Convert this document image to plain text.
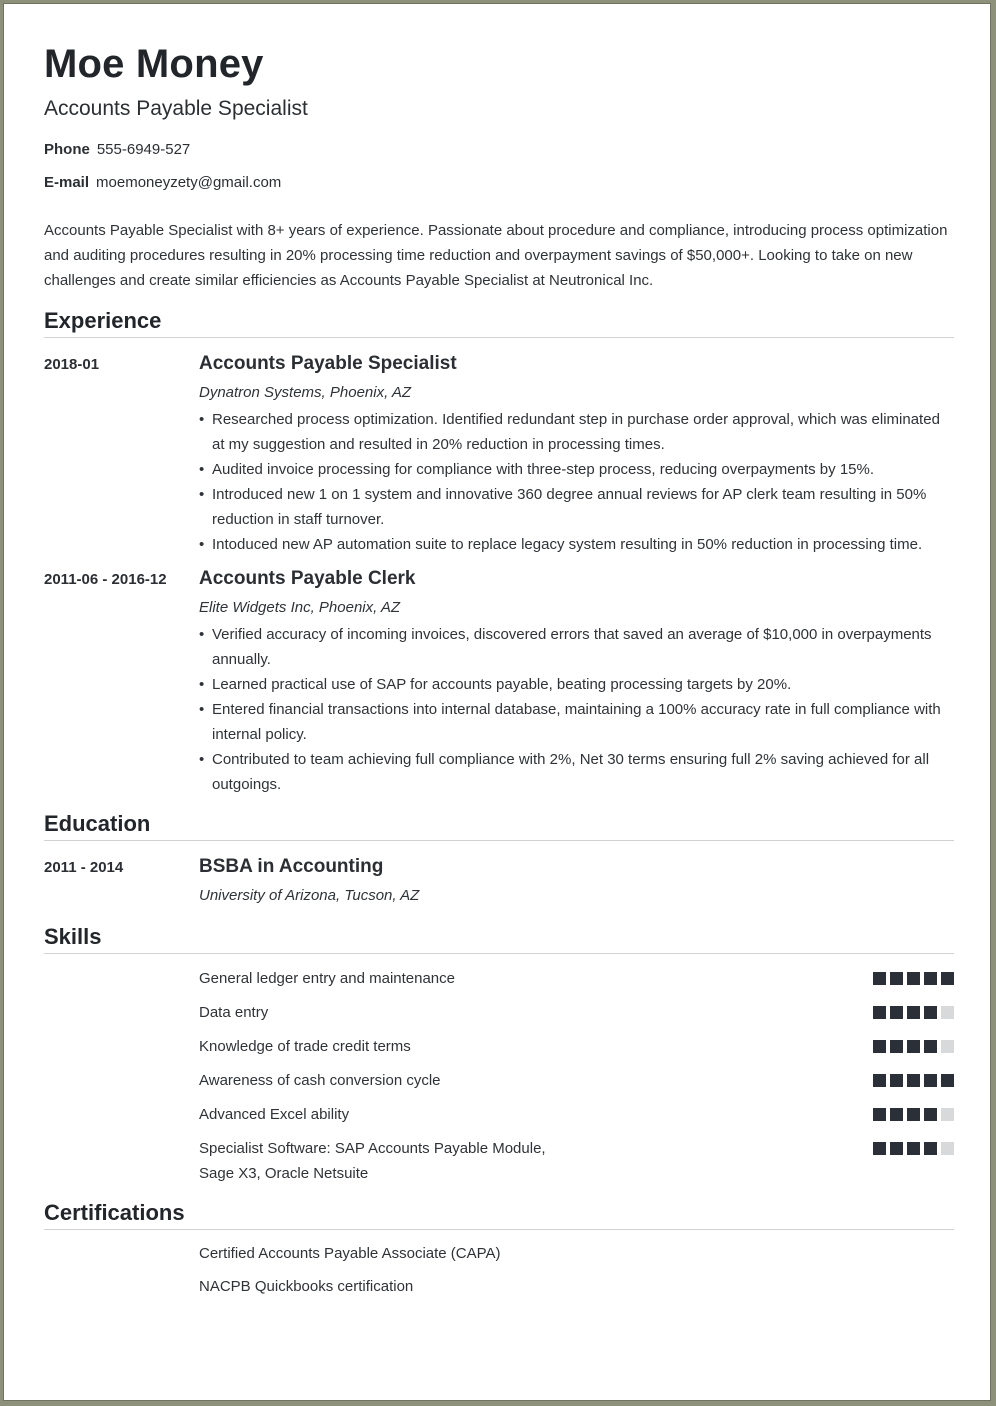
Moe Money
Accounts Payable Specialist
Phone 555-6949-527
E-mail moemoneyzety@gmail.com
Accounts Payable Specialist with 8+ years of experience. Passionate about procedure and compliance, introducing process optimization and auditing procedures resulting in 20% processing time reduction and overpayment savings of $50,000+. Looking to take on new challenges and create similar efficiencies as Accounts Payable Specialist at Neutronical Inc.
Experience
2018-01	Accounts Payable Specialist
Dynatron Systems, Phoenix, AZ
• Researched process optimization. Identified redundant step in purchase order approval, which was eliminated at my suggestion and resulted in 20% reduction in processing times.
• Audited invoice processing for compliance with three-step process, reducing overpayments by 15%.
• Introduced new 1 on 1 system and innovative 360 degree annual reviews for AP clerk team resulting in 50% reduction in staff turnover.
• Intoduced new AP automation suite to replace legacy system resulting in 50% reduction in processing time.
2011-06 - 2016-12 Accounts Payable Clerk
Elite Widgets Inc, Phoenix, AZ
• Verified accuracy of incoming invoices, discovered errors that saved an average of $10,000 in overpayments annually.
• Learned practical use of SAP for accounts payable, beating processing targets by 20%.
• Entered financial transactions into internal database, maintaining a 100% accuracy rate in full compliance with internal policy.
• Contributed to team achieving full compliance with 2%, Net 30 terms ensuring full 2% saving achieved for all outgoings.
Education
2011 - 2014	BSBA in Accounting
University of Arizona, Tucson, AZ
Skills
General ledger entry and maintenance
Data entry
Knowledge of trade credit terms
Awareness of cash conversion cycle
Advanced Excel ability
Specialist Software: SAP Accounts Payable Module, Sage X3, Oracle Netsuite
Certifications
Certified Accounts Payable Associate (CAPA)
NACPB Quickbooks certification
